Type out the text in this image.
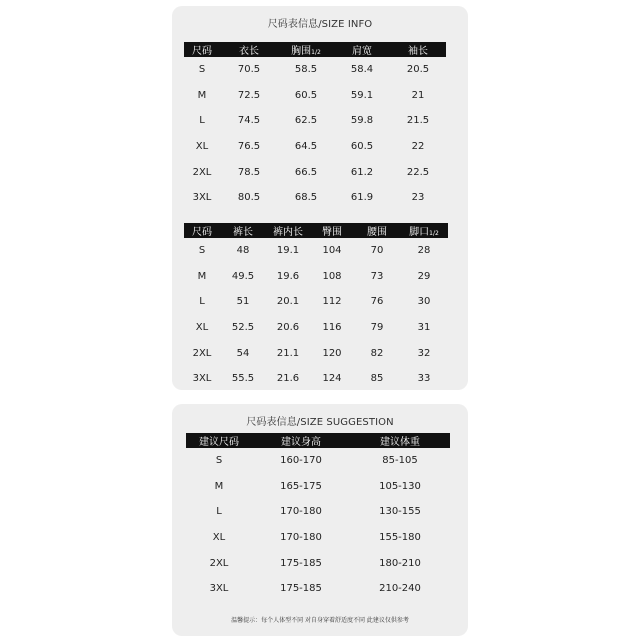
尺码表信息/SIZE INFO
尺码	衣长	胸围1/2	肩宽	袖长
S	70.5	58.5	58.4	20.5
M	72.5	60.5	59.1	21
L	74.5	62.5	59.8	21.5
XL	76.5	64.5	60.5	22
2XL	78.5	66.5	61.2	22.5
3XL	80.5	68.5	61.9	23
尺码	裤长	裤内长	臀围	腰围	脚口1/2
S	48	19.1	104	70	28
M	49.5	19.6	108	73	29
L	51	20.1	112	76	30
XL	52.5	20.6	116	79	31
2XL	54	21.1	120	82	32
3XL	55.5	21.6	124	85	33
尺码表信息/SIZE SUGGESTION
建议尺码	建议身高	建议体重
S	160-170	85-105
M	165-175	105-130
L	170-180	130-155
XL	170-180	155-180
2XL	175-185	180-210
3XL	175-185	210-240
温馨提示：每个人体型不同 对自身穿着舒适度不同 此建议仅供参考
